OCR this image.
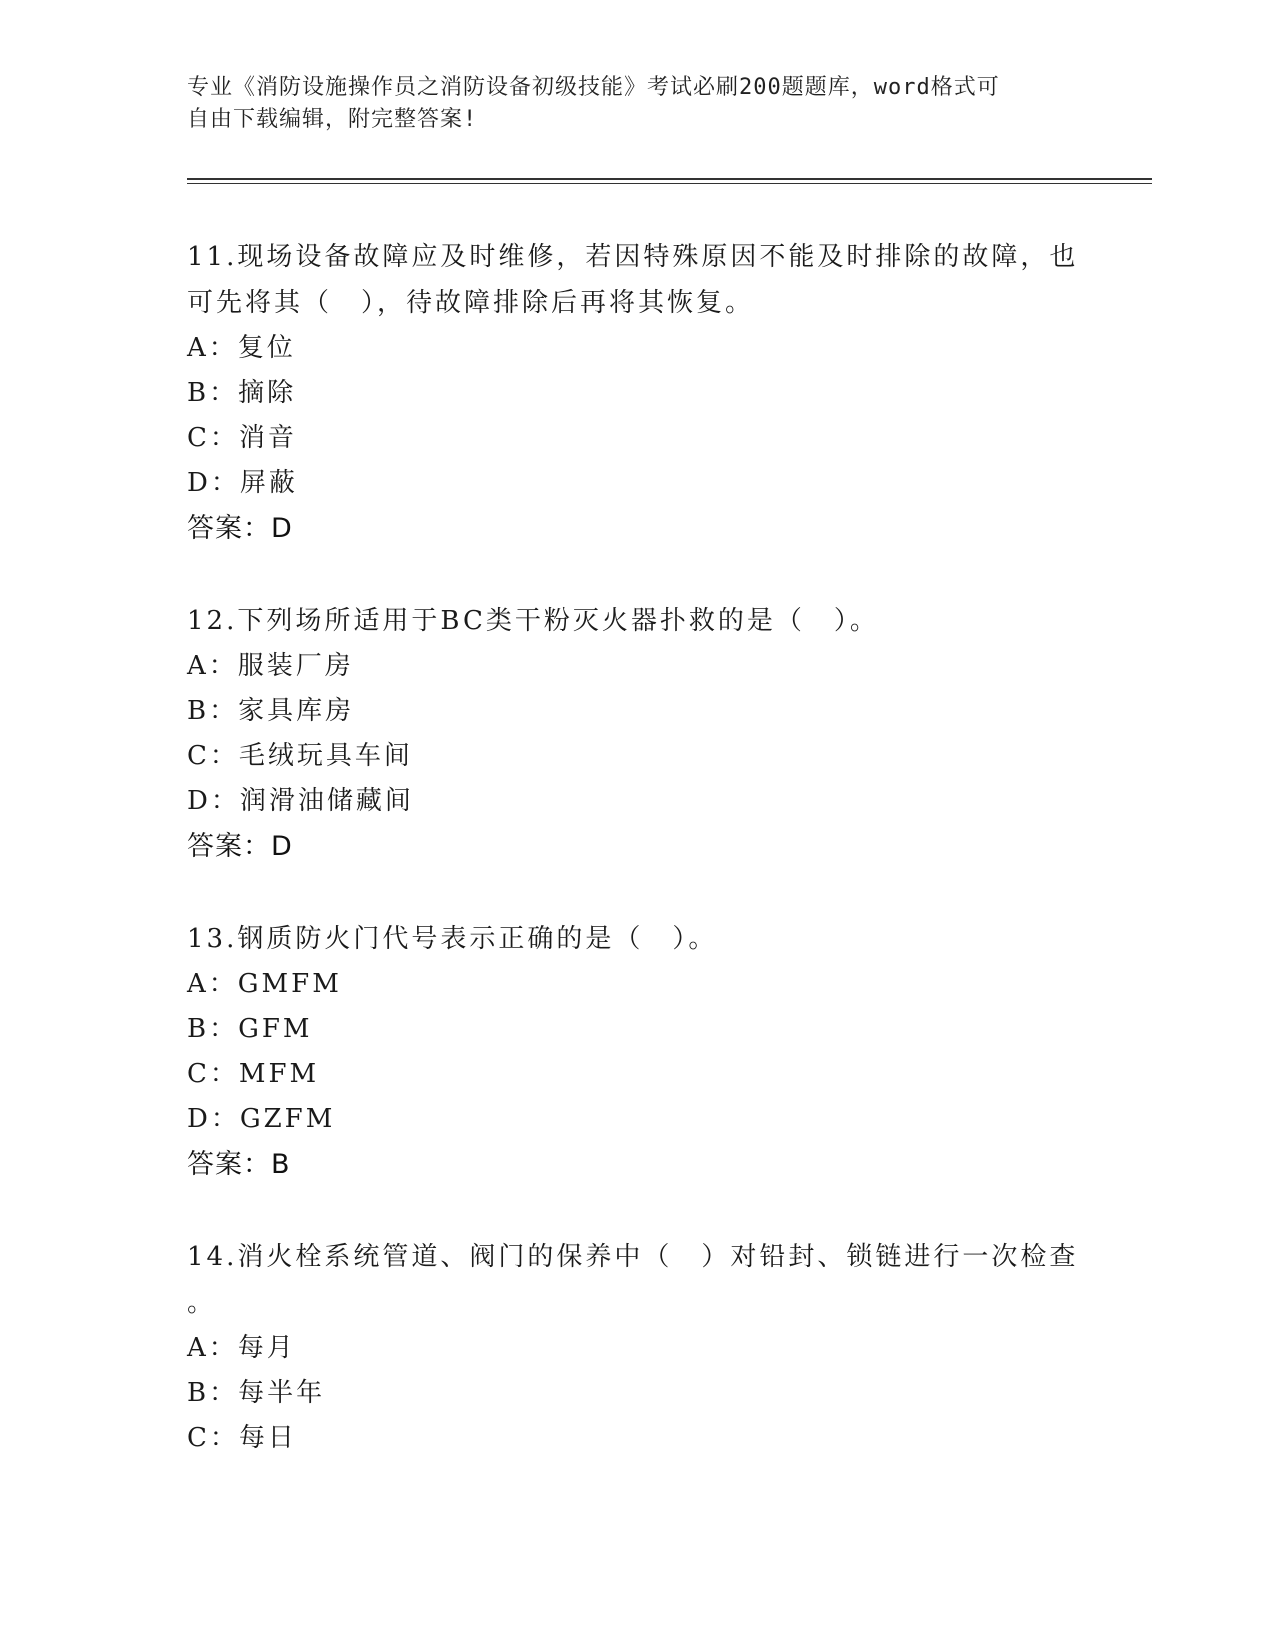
专业《消防设施操作员之消防设备初级技能》考试必刷200题题库，word格式可
自由下载编辑，附完整答案!
11.现场设备故障应及时维修，若因特殊原因不能及时排除的故障，也
可先将其（　），待故障排除后再将其恢复。
A：复位
B：摘除
C：消音
D：屏蔽
答案：D
12.下列场所适用于BC类干粉灭火器扑救的是（　）。
A：服装厂房
B：家具库房
C：毛绒玩具车间
D：润滑油储藏间
答案：D
13.钢质防火门代号表示正确的是（　）。
A：GMFM
B：GFM
C：MFM
D：GZFM
答案：B
14.消火栓系统管道、阀门的保养中（　）对铅封、锁链进行一次检查
。
A：每月
B：每半年
C：每日
